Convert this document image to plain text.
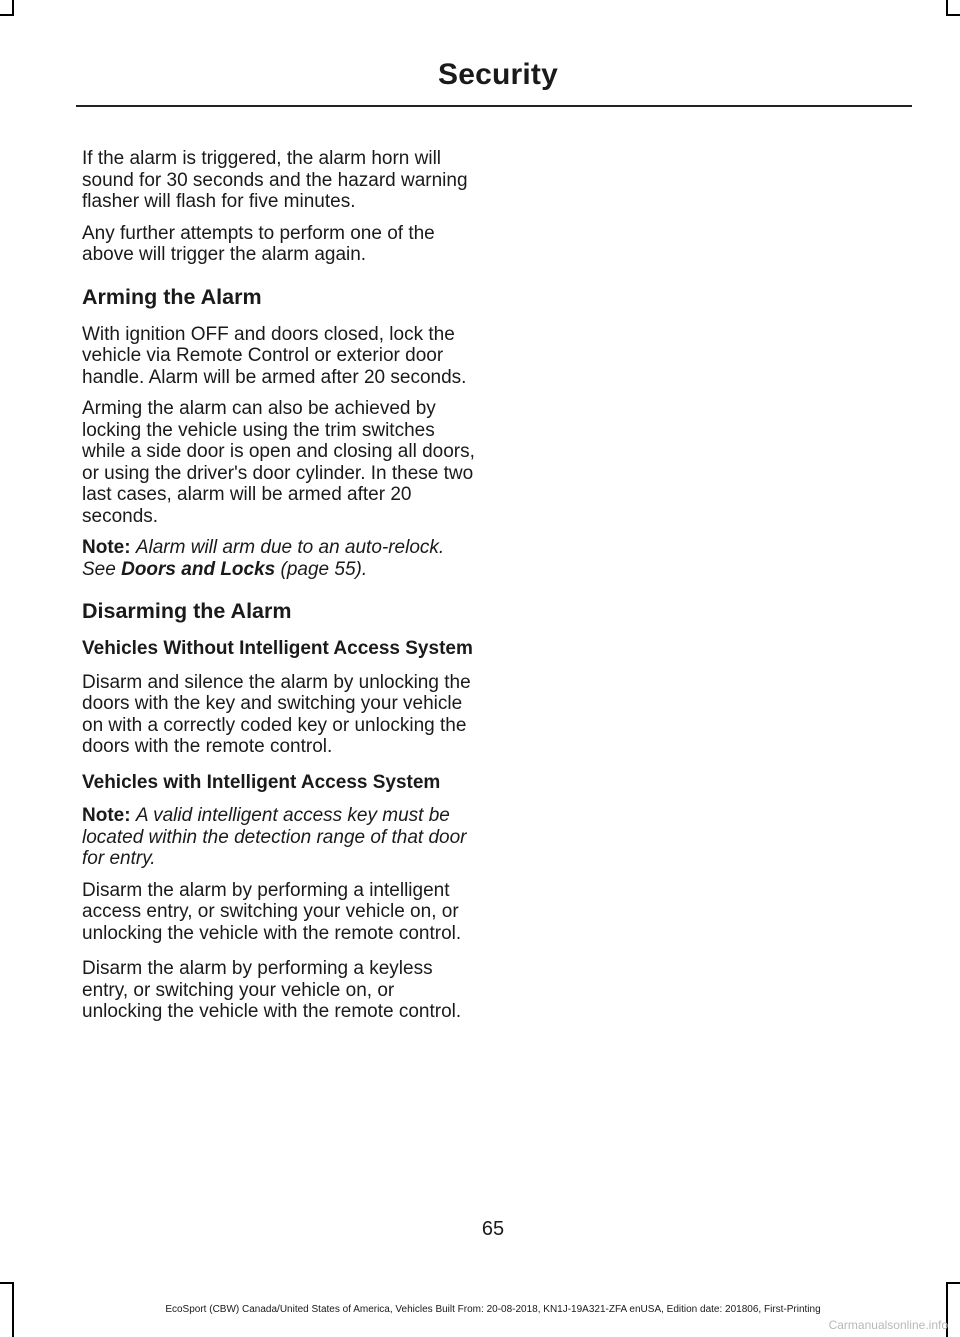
Security

If the alarm is triggered, the alarm horn will sound for 30 seconds and the hazard warning flasher will flash for five minutes.

Any further attempts to perform one of the above will trigger the alarm again.

Arming the Alarm

With ignition OFF and doors closed, lock the vehicle via Remote Control or exterior door handle. Alarm will be armed after 20 seconds.

Arming the alarm can also be achieved by locking the vehicle using the trim switches while a side door is open and closing all doors, or using the driver's door cylinder. In these two last cases, alarm will be armed after 20 seconds.

Note: Alarm will arm due to an auto-relock. See Doors and Locks (page 55).

Disarming the Alarm
Vehicles Without Intelligent Access System

Disarm and silence the alarm by unlocking the doors with the key and switching your vehicle on with a correctly coded key or unlocking the doors with the remote control.

Vehicles with Intelligent Access System

Note: A valid intelligent access key must be located within the detection range of that door for entry.

Disarm the alarm by performing a intelligent access entry, or switching your vehicle on, or unlocking the vehicle with the remote control.

Disarm the alarm by performing a keyless entry, or switching your vehicle on, or unlocking the vehicle with the remote control.

65

EcoSport (CBW) Canada/United States of America, Vehicles Built From: 20-08-2018, KN1J-19A321-ZFA enUSA, Edition date: 201806, First-Printing

Carmanualsonline.info
